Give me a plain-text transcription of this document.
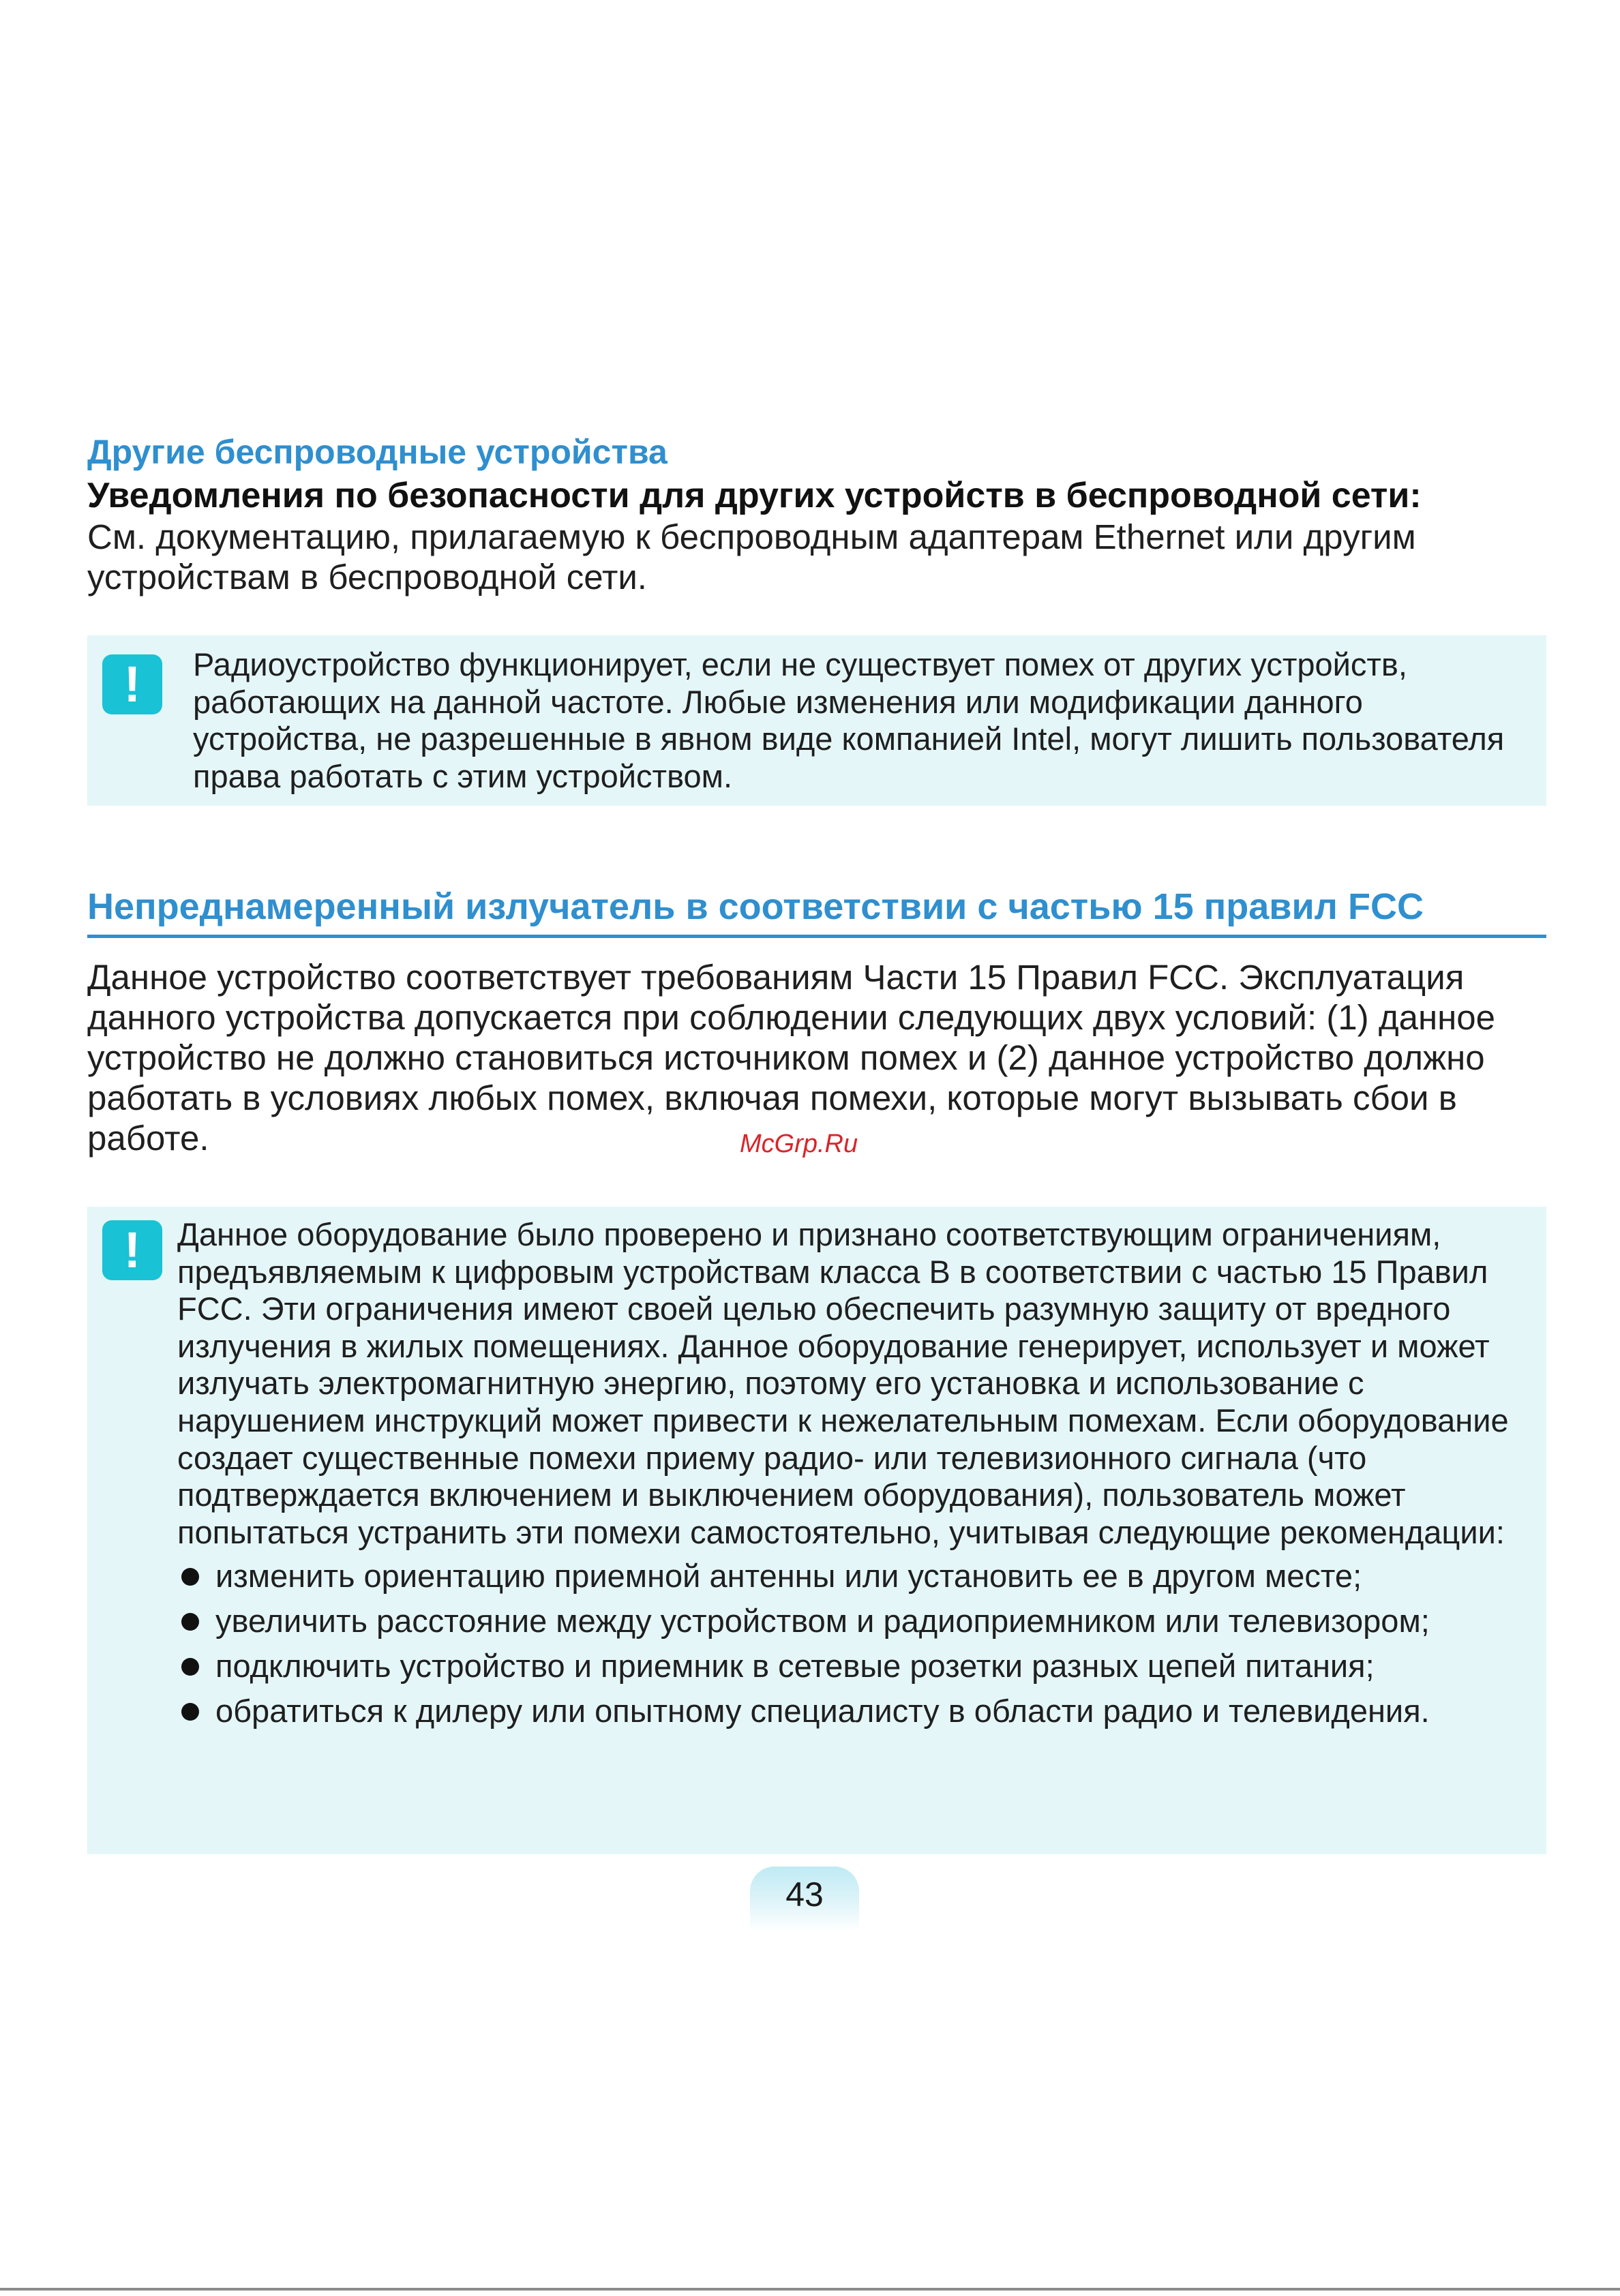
Другие беспроводные устройства
Уведомления по безопасности для других устройств в беспроводной сети:

См. документацию, прилагаемую к беспроводным адаптерам Ethernet или другим устройствам в беспроводной сети.

!	Радиоустройство функционирует, если не существует помех от других устройств, работающих на данной частоте. Любые изменения или модификации данного устройства, не разрешенные в явном виде компанией Intel, могут лишить пользователя права работать с этим устройством.

Непреднамеренный излучатель в соответствии с частью 15 правил FCC

Данное устройство соответствует требованиям Части 15 Правил FCC. Эксплуатация данного устройства допускается при соблюдении следующих двух условий: (1) данное устройство не должно становиться источником помех и (2) данное устройство должно работать в условиях любых помех, включая помехи, которые могут вызывать сбои в работе.	McGrp.Ru
!	Данное оборудование было проверено и признано соответствующим ограничениям, предъявляемым к цифровым устройствам класса B в соответствии с частью 15 Правил FCC. Эти ограничения имеют своей целью обеспечить разумную защиту от вредного излучения в жилых помещениях. Данное оборудование генерирует, использует и может излучать электромагнитную энергию, поэтому его установка и использование с нарушением инструкций может привести к нежелательным помехам. Если оборудование создает существенные помехи приему радио- или телевизионного сигнала (что подтверждается включением и выключением оборудования), пользователь может попытаться устранить эти помехи самостоятельно, учитывая следующие рекомендации:

изменить ориентацию приемной антенны или установить ее в другом месте;
увеличить расстояние между устройством и радиоприемником или телевизором;
подключить устройство и приемник в сетевые розетки разных цепей питания;
обратиться к дилеру или опытному специалисту в области радио и телевидения.
43
